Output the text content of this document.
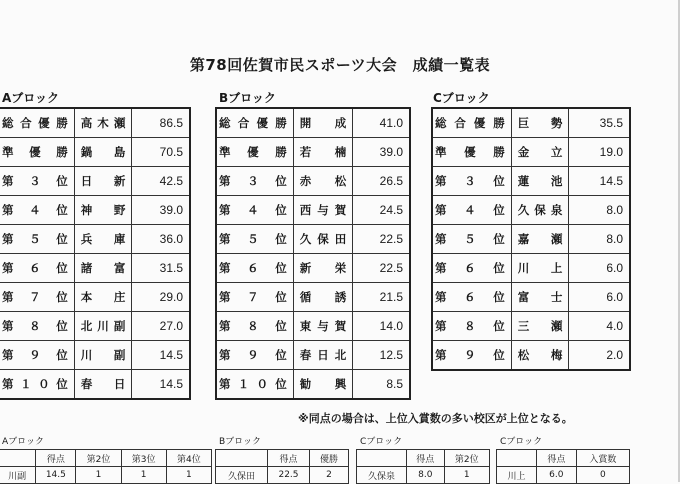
第78回佐賀市民スポーツ大会　成績一覧表
Aブロック
総合優勝	高木瀬	86.5
準優勝	鍋島	70.5
第３位	日新	42.5
第４位	神野	39.0
第５位	兵庫	36.0
第６位	諸富	31.5
第７位	本庄	29.0
第８位	北川副	27.0
第９位	川副	14.5
第１０位	春日	14.5
Bブロック
総合優勝	開成	41.0
準優勝	若楠	39.0
第３位	赤松	26.5
第４位	西与賀	24.5
第５位	久保田	22.5
第６位	新栄	22.5
第７位	循誘	21.5
第８位	東与賀	14.0
第９位	春日北	12.5
第１０位	勧興	8.5
Cブロック
総合優勝	巨勢	35.5
準優勝	金立	19.0
第３位	蓮池	14.5
第４位	久保泉	8.0
第５位	嘉瀬	8.0
第６位	川上	6.0
第６位	富士	6.0
第８位	三瀬	4.0
第９位	松梅	2.0
※同点の場合は、上位入賞数の多い校区が上位となる。
Aブロック
	得点	第2位	第3位	第4位
川副	14.5	1	1	1
Bブロック
	得点	優勝
久保田	22.5	2
Cブロック
	得点	第2位
久保泉	8.0	1
Cブロック
	得点	入賞数
川上	6.0	0
